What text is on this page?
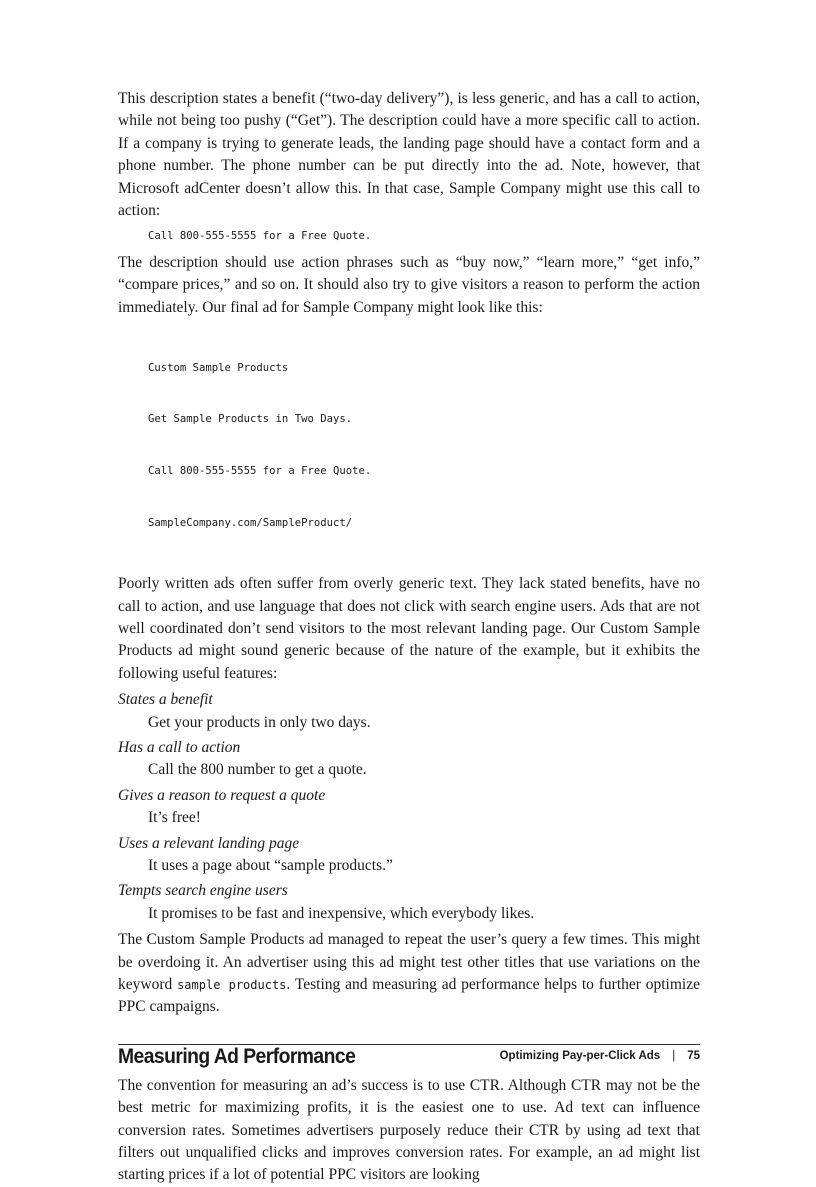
This description states a benefit (“two-day delivery”), is less generic, and has a call to action, while not being too pushy (“Get”). The description could have a more specific call to action. If a company is trying to generate leads, the landing page should have a contact form and a phone number. The phone number can be put directly into the ad. Note, however, that Microsoft adCenter doesn’t allow this. In that case, Sample Company might use this call to action:

Call 800-555-5555 for a Free Quote.

The description should use action phrases such as “buy now,” “learn more,” “get info,” “compare prices,” and so on. It should also try to give visitors a reason to perform the action immediately. Our final ad for Sample Company might look like this:

Custom Sample Products

Get Sample Products in Two Days.

Call 800-555-5555 for a Free Quote.

SampleCompany.com/SampleProduct/

Poorly written ads often suffer from overly generic text. They lack stated benefits, have no call to action, and use language that does not click with search engine users. Ads that are not well coordinated don’t send visitors to the most relevant landing page. Our Custom Sample Products ad might sound generic because of the nature of the example, but it exhibits the following useful features:

States a benefit
Get your products in only two days.
Has a call to action
Call the 800 number to get a quote.
Gives a reason to request a quote
It’s free!
Uses a relevant landing page
It uses a page about “sample products.”
Tempts search engine users
It promises to be fast and inexpensive, which everybody likes.

The Custom Sample Products ad managed to repeat the user’s query a few times. This might be overdoing it. An advertiser using this ad might test other titles that use variations on the keyword sample products. Testing and measuring ad performance helps to further optimize PPC campaigns.

Measuring Ad Performance

The convention for measuring an ad’s success is to use CTR. Although CTR may not be the best metric for maximizing profits, it is the easiest one to use. Ad text can influence conversion rates. Sometimes advertisers purposely reduce their CTR by using ad text that filters out unqualified clicks and improves conversion rates. For example, an ad might list starting prices if a lot of potential PPC visitors are looking

Optimizing Pay-per-Click Ads | 75
